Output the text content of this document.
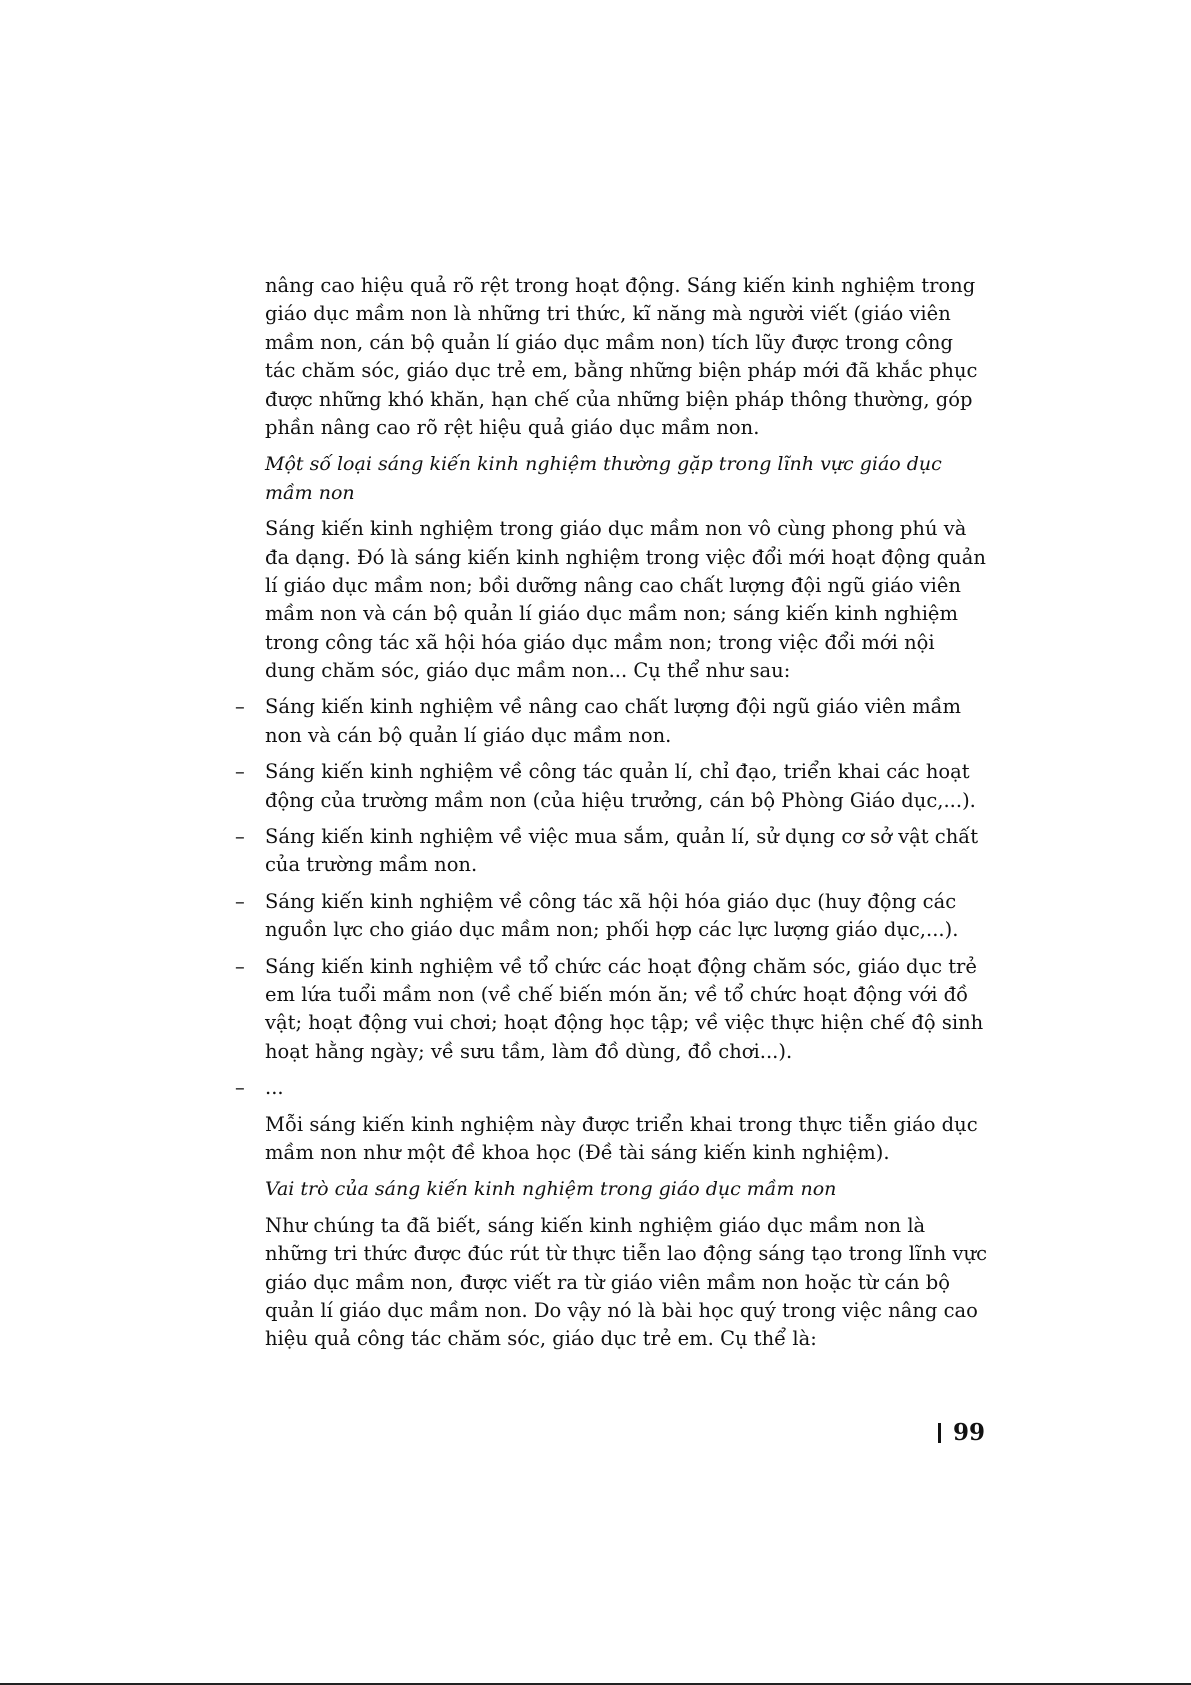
nâng cao hiệu quả rõ rệt trong hoạt động. Sáng kiến kinh nghiệm trong
giáo dục mầm non là những tri thức, kĩ năng mà người viết (giáo viên
mầm non, cán bộ quản lí giáo dục mầm non) tích lũy được trong công
tác chăm sóc, giáo dục trẻ em, bằng những biện pháp mới đã khắc phục
được những khó khăn, hạn chế của những biện pháp thông thường, góp
phần nâng cao rõ rệt hiệu quả giáo dục mầm non.
Một số loại sáng kiến kinh nghiệm thường gặp trong lĩnh vực giáo dục
mầm non
Sáng kiến kinh nghiệm trong giáo dục mầm non vô cùng phong phú và
đa dạng. Đó là sáng kiến kinh nghiệm trong việc đổi mới hoạt động quản
lí giáo dục mầm non; bồi dưỡng nâng cao chất lượng đội ngũ giáo viên
mầm non và cán bộ quản lí giáo dục mầm non; sáng kiến kinh nghiệm
trong công tác xã hội hóa giáo dục mầm non; trong việc đổi mới nội
dung chăm sóc, giáo dục mầm non... Cụ thể như sau:
– Sáng kiến kinh nghiệm về nâng cao chất lượng đội ngũ giáo viên mầm
non và cán bộ quản lí giáo dục mầm non.
– Sáng kiến kinh nghiệm về công tác quản lí, chỉ đạo, triển khai các hoạt
động của trường mầm non (của hiệu trưởng, cán bộ Phòng Giáo dục,...).
– Sáng kiến kinh nghiệm về việc mua sắm, quản lí, sử dụng cơ sở vật chất
của trường mầm non.
– Sáng kiến kinh nghiệm về công tác xã hội hóa giáo dục (huy động các
nguồn lực cho giáo dục mầm non; phối hợp các lực lượng giáo dục,...).
– Sáng kiến kinh nghiệm về tổ chức các hoạt động chăm sóc, giáo dục trẻ
em lứa tuổi mầm non (về chế biến món ăn; về tổ chức hoạt động với đồ
vật; hoạt động vui chơi; hoạt động học tập; về việc thực hiện chế độ sinh
hoạt hằng ngày; về sưu tầm, làm đồ dùng, đồ chơi...).
– ...
Mỗi sáng kiến kinh nghiệm này được triển khai trong thực tiễn giáo dục
mầm non như một đề khoa học (Đề tài sáng kiến kinh nghiệm).
Vai trò của sáng kiến kinh nghiệm trong giáo dục mầm non
Như chúng ta đã biết, sáng kiến kinh nghiệm giáo dục mầm non là
những tri thức được đúc rút từ thực tiễn lao động sáng tạo trong lĩnh vực
giáo dục mầm non, được viết ra từ giáo viên mầm non hoặc từ cán bộ
quản lí giáo dục mầm non. Do vậy nó là bài học quý trong việc nâng cao
hiệu quả công tác chăm sóc, giáo dục trẻ em. Cụ thể là:
99
